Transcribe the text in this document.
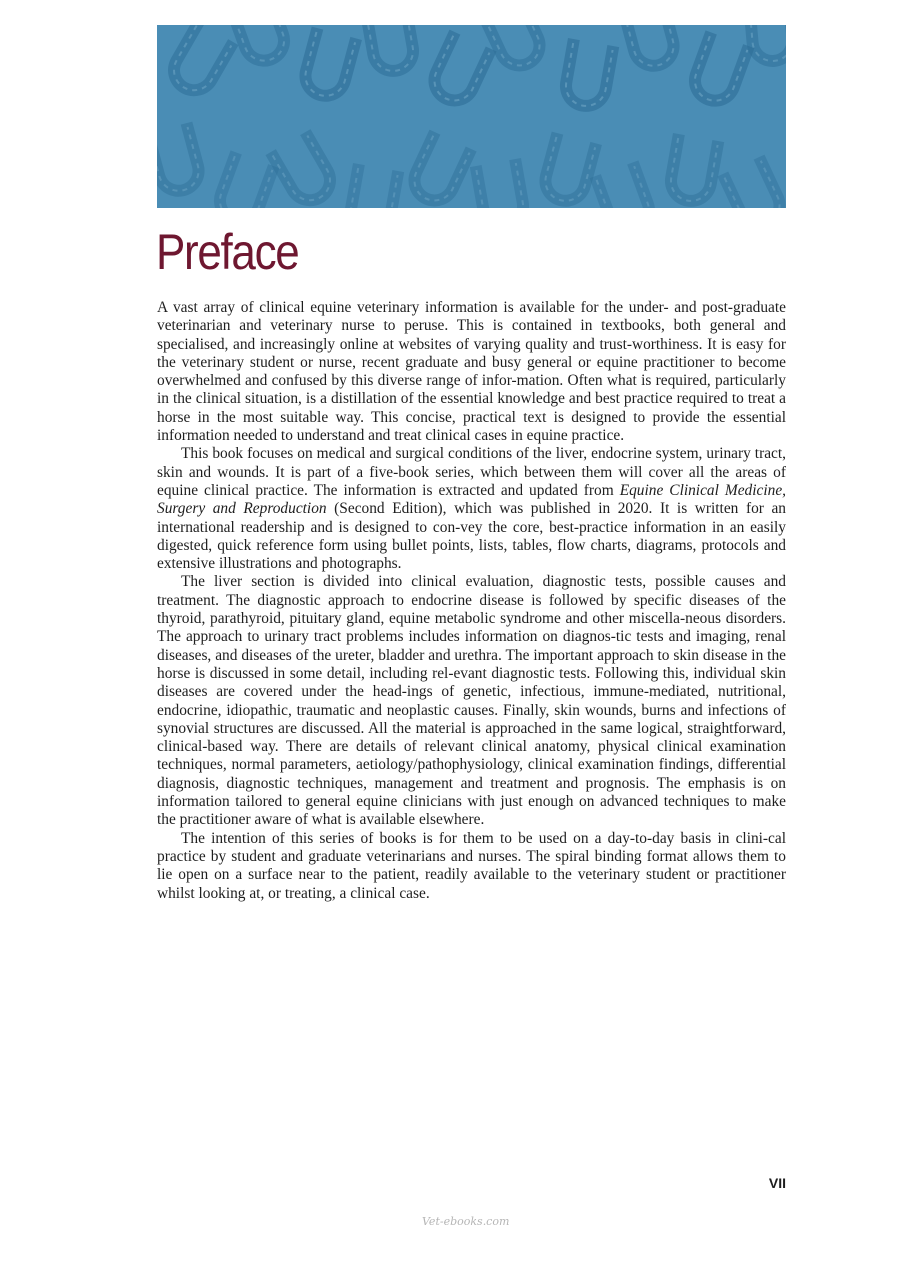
Preface

A vast array of clinical equine veterinary information is available for the under- and post-graduate veterinarian and veterinary nurse to peruse. This is contained in textbooks, both general and specialised, and increasingly online at websites of varying quality and trust-worthiness. It is easy for the veterinary student or nurse, recent graduate and busy general or equine practitioner to become overwhelmed and confused by this diverse range of infor-mation. Often what is required, particularly in the clinical situation, is a distillation of the essential knowledge and best practice required to treat a horse in the most suitable way. This concise, practical text is designed to provide the essential information needed to understand and treat clinical cases in equine practice.

This book focuses on medical and surgical conditions of the liver, endocrine system, urinary tract, skin and wounds. It is part of a five-book series, which between them will cover all the areas of equine clinical practice. The information is extracted and updated from Equine Clinical Medicine, Surgery and Reproduction (Second Edition), which was published in 2020. It is written for an international readership and is designed to con-vey the core, best-practice information in an easily digested, quick reference form using bullet points, lists, tables, flow charts, diagrams, protocols and extensive illustrations and photographs.

The liver section is divided into clinical evaluation, diagnostic tests, possible causes and treatment. The diagnostic approach to endocrine disease is followed by specific diseases of the thyroid, parathyroid, pituitary gland, equine metabolic syndrome and other miscella-neous disorders. The approach to urinary tract problems includes information on diagnos-tic tests and imaging, renal diseases, and diseases of the ureter, bladder and urethra. The important approach to skin disease in the horse is discussed in some detail, including rel-evant diagnostic tests. Following this, individual skin diseases are covered under the head-ings of genetic, infectious, immune-mediated, nutritional, endocrine, idiopathic, traumatic and neoplastic causes. Finally, skin wounds, burns and infections of synovial structures are discussed. All the material is approached in the same logical, straightforward, clinical-based way. There are details of relevant clinical anatomy, physical clinical examination techniques, normal parameters, aetiology/pathophysiology, clinical examination findings, differential diagnosis, diagnostic techniques, management and treatment and prognosis. The emphasis is on information tailored to general equine clinicians with just enough on advanced techniques to make the practitioner aware of what is available elsewhere.

The intention of this series of books is for them to be used on a day-to-day basis in clini-cal practice by student and graduate veterinarians and nurses. The spiral binding format allows them to lie open on a surface near to the patient, readily available to the veterinary student or practitioner whilst looking at, or treating, a clinical case.

VII
Vet-ebooks.com
